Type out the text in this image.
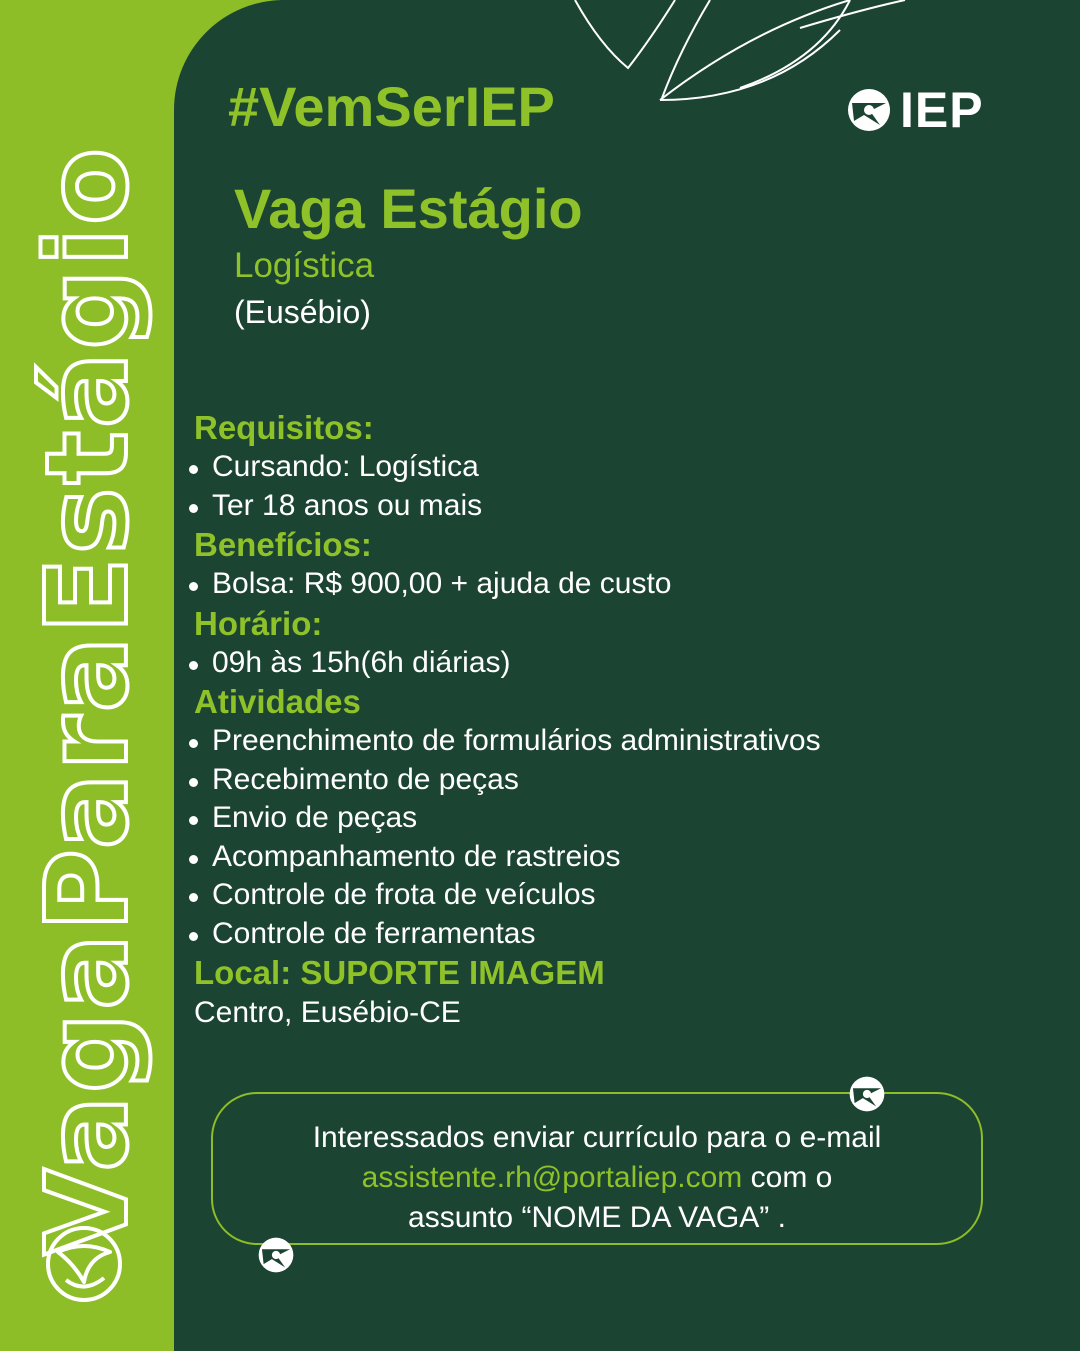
VagaParaEstágio
#VemSerIEP	IEP
Vaga Estágio
Logística
(Eusébio)
Requisitos:
Cursando: Logística
Ter 18 anos ou mais
Benefícios:
Bolsa: R$ 900,00 + ajuda de custo
Horário:
09h às 15h(6h diárias)
Atividades
Preenchimento de formulários administrativos
Recebimento de peças
Envio de peças
Acompanhamento de rastreios
Controle de frota de veículos
Controle de ferramentas
Local: SUPORTE IMAGEM
Centro, Eusébio-CE
Interessados enviar currículo para o e-mail
assistente.rh@portaliep.com com o
assunto “NOME DA VAGA” .
